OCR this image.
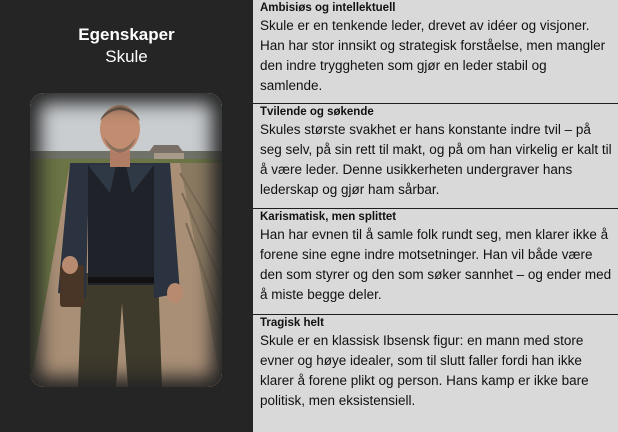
Egenskaper
Skule
Ambisiøs og intellektuell
Skule er en tenkende leder, drevet av idéer og visjoner. Han har stor innsikt og strategisk forståelse, men mangler den indre tryggheten som gjør en leder stabil og samlende.
Tvilende og søkende
Skules største svakhet er hans konstante indre tvil – på seg selv, på sin rett til makt, og på om han virkelig er kalt til å være leder. Denne usikkerheten undergraver hans lederskap og gjør ham sårbar.
Karismatisk, men splittet
Han har evnen til å samle folk rundt seg, men klarer ikke å forene sine egne indre motsetninger. Han vil både være den som styrer og den som søker sannhet – og ender med å miste begge deler.
Tragisk helt
Skule er en klassisk Ibsensk figur: en mann med store evner og høye idealer, som til slutt faller fordi han ikke klarer å forene plikt og person. Hans kamp er ikke bare politisk, men eksistensiell.
